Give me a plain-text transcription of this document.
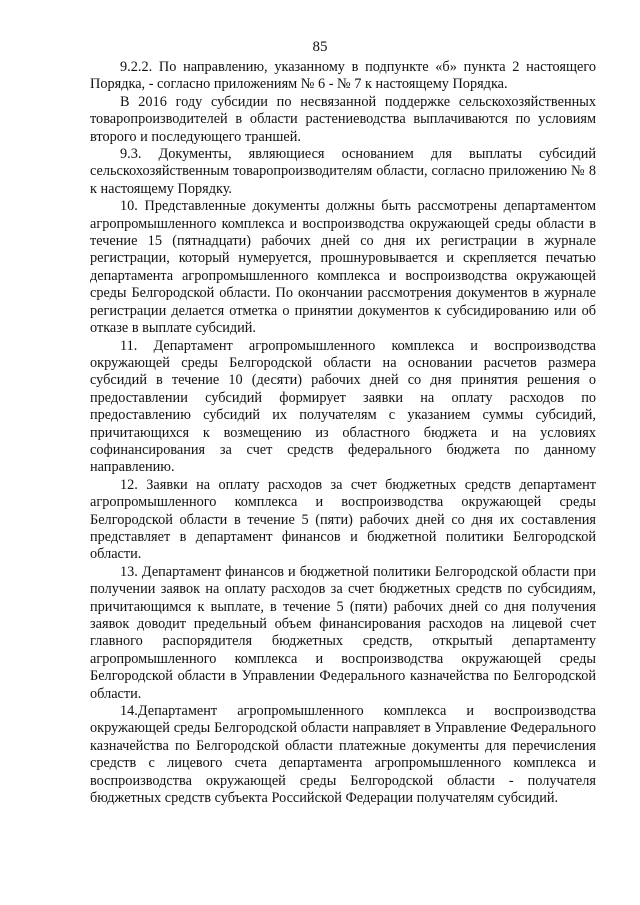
85

9.2.2. По направлению, указанному в подпункте «б» пункта 2 настоящего Порядка, - согласно приложениям № 6 - № 7 к настоящему Порядка.

В 2016 году субсидии по несвязанной поддержке сельскохозяйственных товаропроизводителей в области растениеводства выплачиваются по условиям второго и последующего траншей.

9.3. Документы, являющиеся основанием для выплаты субсидий сельскохозяйственным товаропроизводителям области, согласно приложению № 8 к настоящему Порядку.

10. Представленные документы должны быть рассмотрены департаментом агропромышленного комплекса и воспроизводства окружающей среды области в течение 15 (пятнадцати) рабочих дней со дня их регистрации в журнале регистрации, который нумеруется, прошнуровывается и скрепляется печатью департамента агропромышленного комплекса и воспроизводства окружающей среды Белгородской области. По окончании рассмотрения документов в журнале регистрации делается отметка о принятии документов к субсидированию или об отказе в выплате субсидий.

11. Департамент агропромышленного комплекса и воспроизводства окружающей среды Белгородской области на основании расчетов размера субсидий в течение 10 (десяти) рабочих дней со дня принятия решения о предоставлении субсидий формирует заявки на оплату расходов по предоставлению субсидий их получателям с указанием суммы субсидий, причитающихся к возмещению из областного бюджета и на условиях софинансирования за счет средств федерального бюджета по данному направлению.

12. Заявки на оплату расходов за счет бюджетных средств департамент агропромышленного комплекса и воспроизводства окружающей среды Белгородской области в течение 5 (пяти) рабочих дней со дня их составления представляет в департамент финансов и бюджетной политики Белгородской области.

13. Департамент финансов и бюджетной политики Белгородской области при получении заявок на оплату расходов за счет бюджетных средств по субсидиям, причитающимся к выплате, в течение 5 (пяти) рабочих дней со дня получения заявок доводит предельный объем финансирования расходов на лицевой счет главного распорядителя бюджетных средств, открытый департаменту агропромышленного комплекса и воспроизводства окружающей среды Белгородской области в Управлении Федерального казначейства по Белгородской области.

14.Департамент агропромышленного комплекса и воспроизводства окружающей среды Белгородской области направляет в Управление Федерального казначейства по Белгородской области платежные документы для перечисления средств с лицевого счета департамента агропромышленного комплекса и воспроизводства окружающей среды Белгородской области - получателя бюджетных средств субъекта Российской Федерации получателям субсидий.
